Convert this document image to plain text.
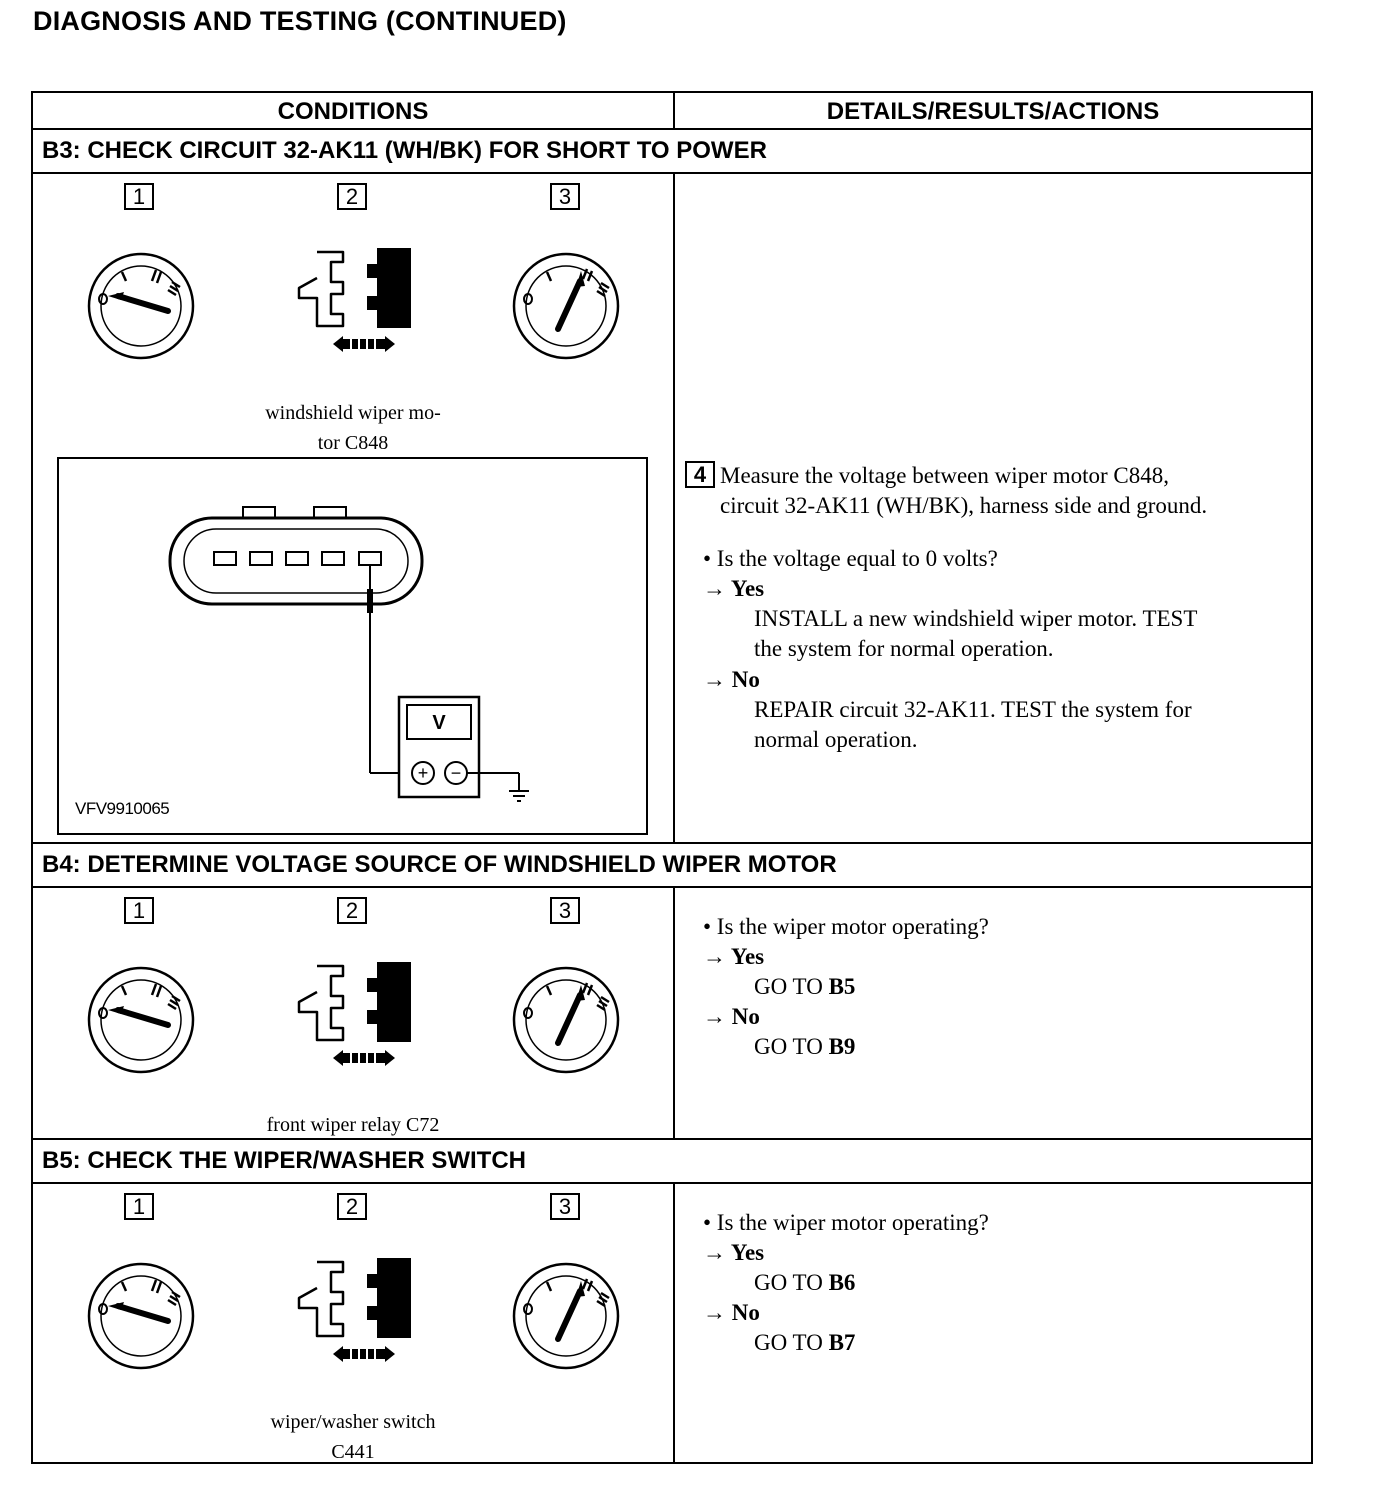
DIAGNOSIS AND TESTING (CONTINUED)
CONDITIONS	DETAILS/RESULTS/ACTIONS
B3: CHECK CIRCUIT 32-AK11 (WH/BK) FOR SHORT TO POWER
1	2	3
windshield wiper mo-
tor C848
V
+	−
VFV9910065
4 Measure the voltage between wiper motor C848,
circuit 32-AK11 (WH/BK), harness side and ground.
• Is the voltage equal to 0 volts?
→ Yes
INSTALL a new windshield wiper motor. TEST
the system for normal operation.
→ No
REPAIR circuit 32-AK11. TEST the system for
normal operation.
B4: DETERMINE VOLTAGE SOURCE OF WINDSHIELD WIPER MOTOR
1	2	3
front wiper relay C72
• Is the wiper motor operating?
→ Yes
GO TO B5
→ No
GO TO B9
B5: CHECK THE WIPER/WASHER SWITCH
1	2	3
wiper/washer switch
C441
• Is the wiper motor operating?
→ Yes
GO TO B6
→ No
GO TO B7
